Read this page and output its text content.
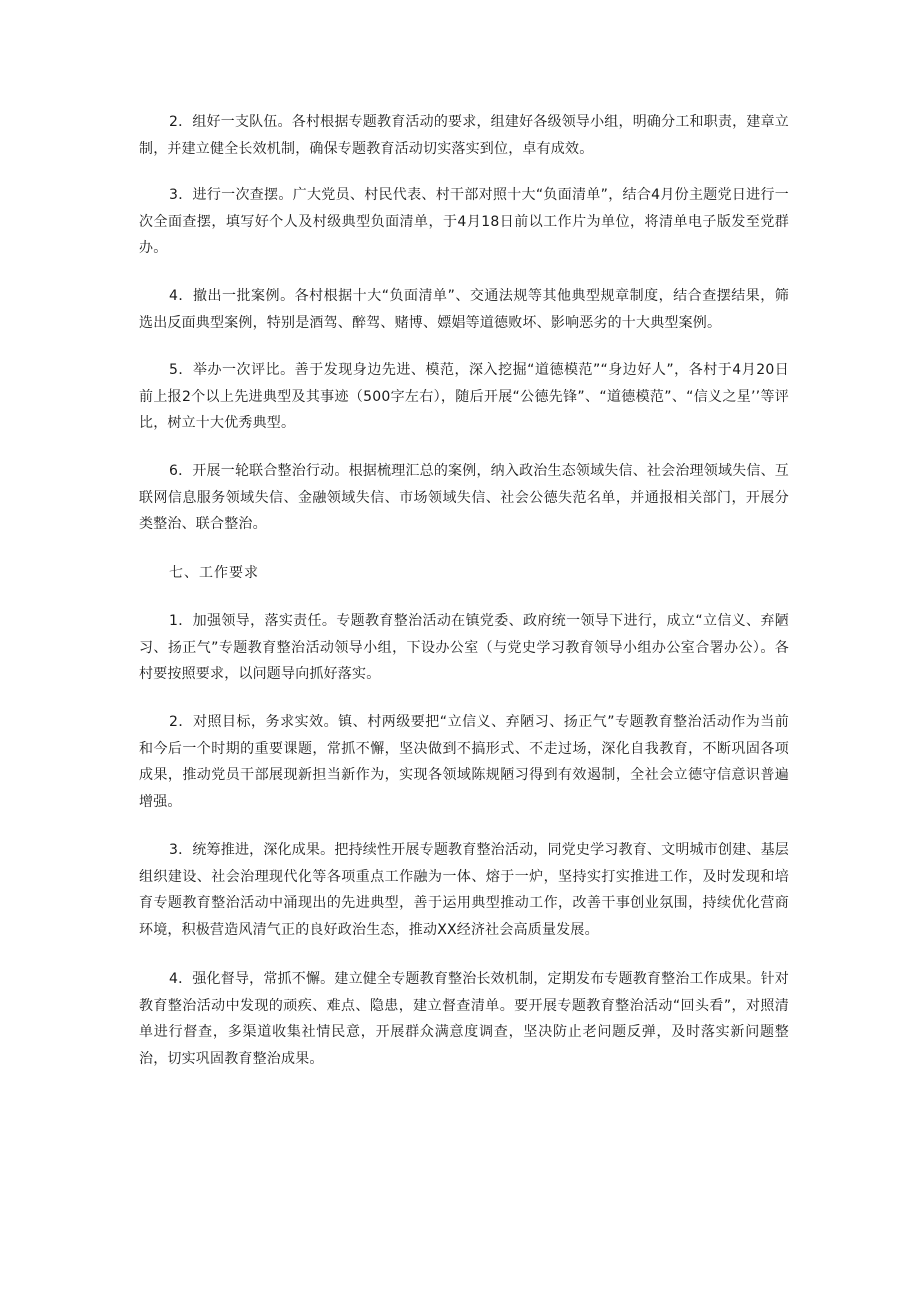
2．组好一支队伍。各村根据专题教育活动的要求，组建好各级领导小组，明确分工和职责，建章立制，并建立健全长效机制，确保专题教育活动切实落实到位，卓有成效。

3．进行一次查摆。广大党员、村民代表、村干部对照十大“负面清单”，结合4月份主题党日进行一次全面查摆，填写好个人及村级典型负面清单，于4月18日前以工作片为单位，将清单电子版发至党群办。

4．撤出一批案例。各村根据十大“负面清单”、交通法规等其他典型规章制度，结合查摆结果，筛选出反面典型案例，特别是酒驾、醉驾、赌博、嫖娼等道德败坏、影响恶劣的十大典型案例。

5．举办一次评比。善于发现身边先进、模范，深入挖掘“道德模范”“身边好人”，各村于4月20日前上报2个以上先进典型及其事迹（500字左右），随后开展“公德先锋”、“道德模范”、“信义之星’’等评比，树立十大优秀典型。

6．开展一轮联合整治行动。根据梳理汇总的案例，纳入政治生态领域失信、社会治理领域失信、互联网信息服务领域失信、金融领域失信、市场领域失信、社会公德失范名单，并通报相关部门，开展分类整治、联合整治。

七、工作要求

1．加强领导，落实责任。专题教育整治活动在镇党委、政府统一领导下进行，成立“立信义、弃陋习、扬正气”专题教育整治活动领导小组，下设办公室（与党史学习教育领导小组办公室合署办公）。各村要按照要求，以问题导向抓好落实。

2．对照目标，务求实效。镇、村两级要把“立信义、弃陋习、扬正气”专题教育整治活动作为当前和今后一个时期的重要课题，常抓不懈，坚决做到不搞形式、不走过场，深化自我教育，不断巩固各项成果，推动党员干部展现新担当新作为，实现各领域陈规陋习得到有效遏制，全社会立德守信意识普遍增强。

3．统筹推进，深化成果。把持续性开展专题教育整治活动，同党史学习教育、文明城市创建、基层组织建设、社会治理现代化等各项重点工作融为一体、熔于一炉，坚持实打实推进工作，及时发现和培育专题教育整治活动中涌现出的先进典型，善于运用典型推动工作，改善干事创业氛围，持续优化营商环境，积极营造风清气正的良好政治生态，推动XX经济社会高质量发展。

4．强化督导，常抓不懈。建立健全专题教育整治长效机制，定期发布专题教育整治工作成果。针对教育整治活动中发现的顽疾、难点、隐患，建立督查清单。要开展专题教育整治活动“回头看”，对照清单进行督查，多渠道收集社情民意，开展群众满意度调查，坚决防止老问题反弹，及时落实新问题整治，切实巩固教育整治成果。
